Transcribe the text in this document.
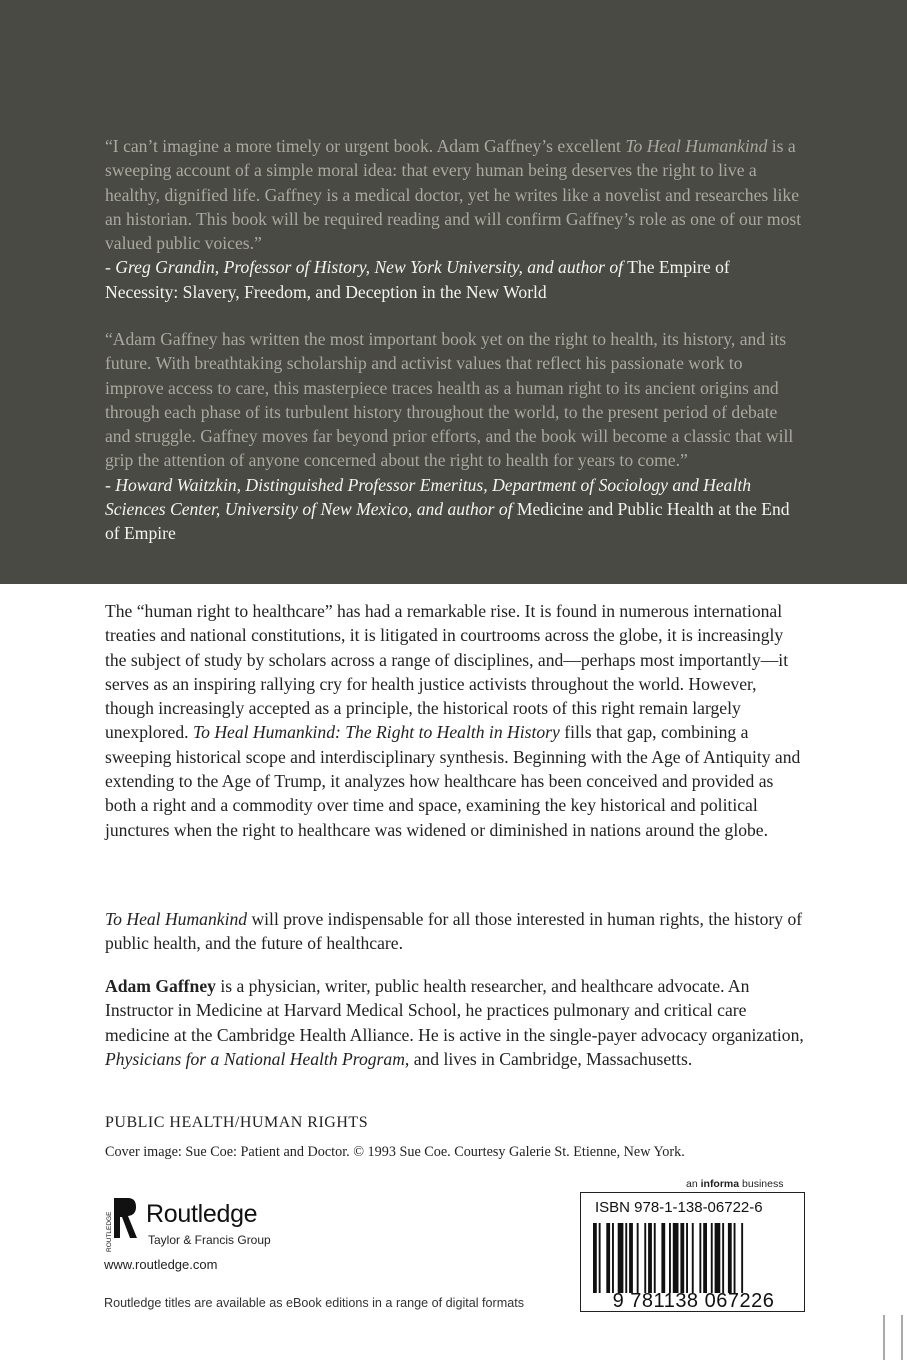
“I can’t imagine a more timely or urgent book. Adam Gaffney’s excellent To Heal Humankind is a sweeping account of a simple moral idea: that every human being deserves the right to live a healthy, dignified life. Gaffney is a medical doctor, yet he writes like a novelist and researches like an historian. This book will be required reading and will confirm Gaffney’s role as one of our most valued public voices.”
- Greg Grandin, Professor of History, New York University, and author of The Empire of Necessity: Slavery, Freedom, and Deception in the New World
“Adam Gaffney has written the most important book yet on the right to health, its history, and its future. With breathtaking scholarship and activist values that reflect his passionate work to improve access to care, this masterpiece traces health as a human right to its ancient origins and through each phase of its turbulent history throughout the world, to the present period of debate and struggle. Gaffney moves far beyond prior efforts, and the book will become a classic that will grip the attention of anyone concerned about the right to health for years to come.”
- Howard Waitzkin, Distinguished Professor Emeritus, Department of Sociology and Health Sciences Center, University of New Mexico, and author of Medicine and Public Health at the End of Empire
The “human right to healthcare” has had a remarkable rise. It is found in numerous international treaties and national constitutions, it is litigated in courtrooms across the globe, it is increasingly the subject of study by scholars across a range of disciplines, and—perhaps most importantly—it serves as an inspiring rallying cry for health justice activists throughout the world. However, though increasingly accepted as a principle, the historical roots of this right remain largely unexplored. To Heal Humankind: The Right to Health in History fills that gap, combining a sweeping historical scope and interdisciplinary synthesis. Beginning with the Age of Antiquity and extending to the Age of Trump, it analyzes how healthcare has been conceived and provided as both a right and a commodity over time and space, examining the key historical and political junctures when the right to healthcare was widened or diminished in nations around the globe.
To Heal Humankind will prove indispensable for all those interested in human rights, the history of public health, and the future of healthcare.
Adam Gaffney is a physician, writer, public health researcher, and healthcare advocate. An Instructor in Medicine at Harvard Medical School, he practices pulmonary and critical care medicine at the Cambridge Health Alliance. He is active in the single-payer advocacy organization, Physicians for a National Health Program, and lives in Cambridge, Massachusetts.
PUBLIC HEALTH/HUMAN RIGHTS
Cover image: Sue Coe: Patient and Doctor. © 1993 Sue Coe. Courtesy Galerie St. Etienne, New York.
ROUTLEDGE Routledge
Taylor & Francis Group
www.routledge.com
Routledge titles are available as eBook editions in a range of digital formats
an informa business
ISBN 978-1-138-06722-6
9 781138 067226
